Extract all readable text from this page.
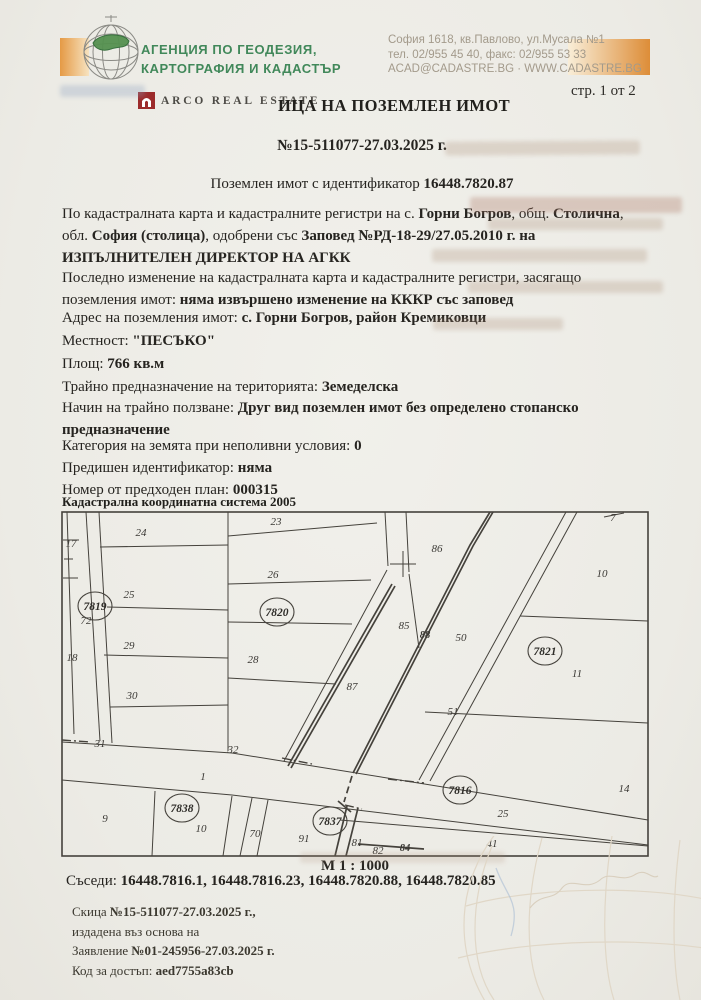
АГЕНЦИЯ ПО ГЕОДЕЗИЯ,
КАРТОГРАФИЯ И КАДАСТЪР
София 1618, кв.Павлово, ул.Мусала №1
тел. 02/955 45 40, факс: 02/955 53 33
ACAD@CADASTRE.BG · WWW.CADASTRE.BG
стр. 1 от 2
ARCO REAL ESTATE
ИЦА НА ПОЗЕМЛЕН ИМОТ
№15-511077-27.03.2025 г.
Поземлен имот с идентификатор 16448.7820.87
По кадастралната карта и кадастралните регистри на с. Горни Богров, общ. Столична, обл. София (столица), одобрени със Заповед №РД-18-29/27.05.2010 г. на ИЗПЪЛНИТЕЛЕН ДИРЕКТОР НА АГКК
Последно изменение на кадастралната карта и кадастралните регистри, засягащо поземления имот: няма извършено изменение на КККР със заповед
Адрес на поземления имот: с. Горни Богров, район Кремиковци
Местност: "ПЕСЪКО"
Площ: 766 кв.м
Трайно предназначение на територията: Земеделска
Начин на трайно ползване: Друг вид поземлен имот без определено стопанско предназначение
Категория на земята при неполивни условия: 0
Предишен идентификатор: няма
Номер от предходен план: 000315
Кадастрална координатна система 2005
17
24
23
26
25
29
28
18
30
31	32
1
86
7
10
85
88 50
87
11
51
14
9
10	70	91	81
82 84
25
41
72
7819	7820
7821
7816
7837
7838
М 1 : 1000
Съседи: 16448.7816.1, 16448.7816.23, 16448.7820.88, 16448.7820.85
Скица №15-511077-27.03.2025 г.,
издадена въз основа на
Заявление №01-245956-27.03.2025 г.
Код за достъп: aed7755a83cb
